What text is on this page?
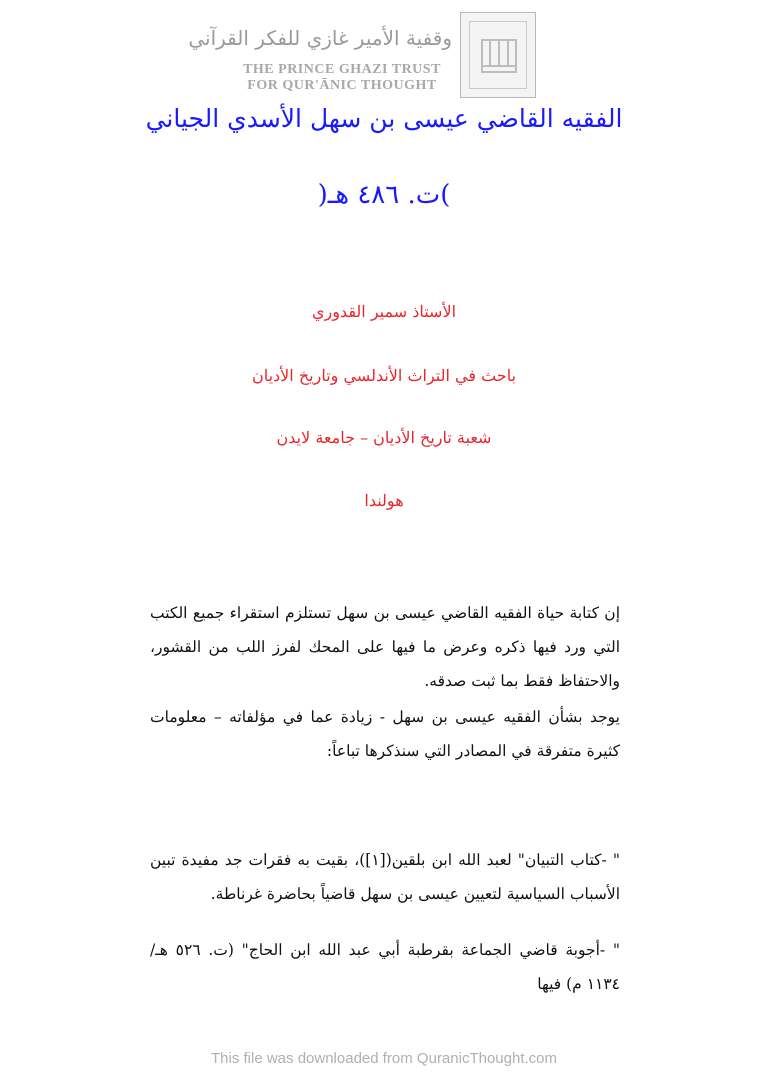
وقفية الأمير غازي للفكر القرآني
THE PRINCE GHAZI TRUST
FOR QUR'ĀNIC THOUGHT
الفقيه القاضي عيسى بن سهل الأسدي الجياني
)ت. ٤٨٦ هـ(
الأستاذ سمير القدوري
باحث في التراث الأندلسي وتاريخ الأديان
شعبة تاريخ الأديان – جامعة لايدن
هولندا
إن كتابة حياة الفقيه القاضي عيسى بن سهل تستلزم استقراء جميع الكتب التي ورد فيها ذكره وعرض ما فيها على المحك لفرز اللب من القشور، والاحتفاظ فقط بما ثبت صدقه.
يوجد بشأن الفقيه عيسى بن سهل - زيادة عما في مؤلفاته – معلومات كثيرة متفرقة في المصادر التي سنذكرها تباعاً:
" -كتاب التبيان" لعبد الله ابن بلقين([١])، بقيت به فقرات جد مفيدة تبين الأسباب السياسية لتعيين عيسى بن سهل قاضياً بحاضرة غرناطة.
" -أجوبة قاضي الجماعة بقرطبة أبي عبد الله ابن الحاج" (ت. ٥٢٦ هـ/ ١١٣٤ م) فيها
This file was downloaded from QuranicThought.com
